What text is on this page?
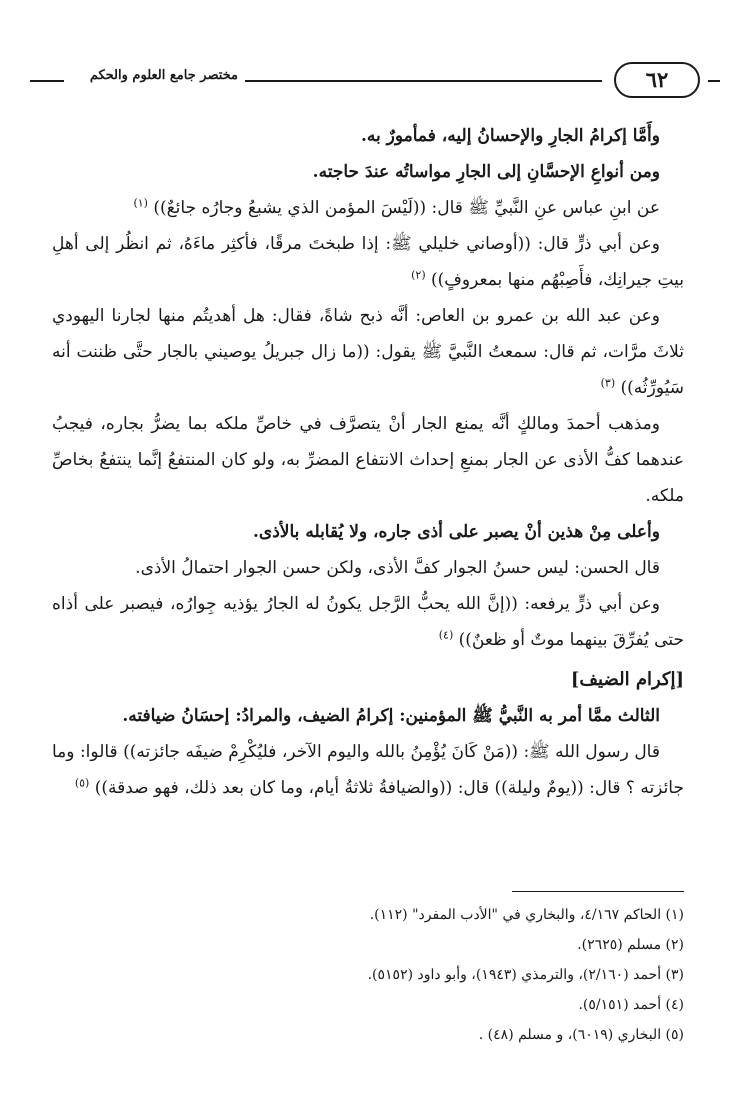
٦٢
مختصر جامع العلوم والحكم

وأَمَّا إكرامُ الجارِ والإحسانُ إليه، فمأمورٌ به.

ومن أنواعِ الإحسَّانِ إلى الجارِ مواساتُه عندَ حاجته.

عن ابنِ عباس عنِ النَّبيِّ ﷺ قال: ((لَيْسَ المؤمن الذي يشبعُ وجارُه جائعٌ)) $^{(١)}$

وعن أبي ذرٍّ قال: ((أوصاني خليلي ﷺ: إذا طبختَ مرقًا، فأكثِر ماءَهُ، ثم انظُر إلى أهلِ بيتِ جيرانِك، فأَصِبْهُم منها بمعروفٍ)) $^{(٢)}$

وعن عبد الله بن عمرو بن العاص: أنَّه ذبح شاةً، فقال: هل أهديتُم منها لجارنا اليهودي ثلاثَ مرَّات، ثم قال: سمعتُ النَّبيَّ ﷺ يقول: ((ما زال جبريلُ يوصيني بالجار حتَّى ظننت أنه سَيُورِّثُه)) $^{(٣)}$

ومذهب أحمدَ ومالكٍ أنَّه يمنع الجار أنْ يتصرَّف في خاصِّ ملكه بما يضرُّ بجاره، فيجبُ عندهما كفُّ الأذى عن الجار بمنعِ إحداث الانتفاع المضرِّ به، ولو كان المنتفعُ إنَّما ينتفعُ بخاصِّ ملكه.

وأعلى مِنْ هذين أنْ يصبر على أذى جاره، ولا يُقابله بالأذى.

قال الحسن: ليس حسنُ الجوار كفَّ الأذى، ولكن حسن الجوار احتمالُ الأذى.

وعن أبي ذرٍّ يرفعه: ((إنَّ الله يحبُّ الرَّجل يكونُ له الجارُ يؤذيه جِوارُه، فيصبر على أذاه حتى يُفرِّقَ بينهما موتٌ أو ظعنٌ)) $^{(٤)}$

[إكرام الضيف]

الثالث ممَّا أمر به النَّبيُّ ﷺ المؤمنين: إكرامُ الضيف، والمرادُ: إحسَانُ ضيافته.

قال رسول الله ﷺ: ((مَنْ كَانَ يُؤْمِنُ بالله واليوم الآخر، فليُكْرِمْ ضيفَه جائزته)) قالوا: وما جائزته ؟ قال: ((يومٌ وليلة)) قال: ((والضيافةُ ثلاثةُ أيام، وما كان بعد ذلك، فهو صدقة)) $^{(٥)}$

(١) الحاكم ٤/١٦٧، والبخاري في "الأدب المفرد" (١١٢).

(٢) مسلم (٢٦٢٥).

(٣) أحمد (٢/١٦٠)، والترمذي (١٩٤٣)، وأبو داود (٥١٥٢).

(٤) أحمد (٥/١٥١).

(٥) البخاري (٦٠١٩)، و مسلم (٤٨) .
